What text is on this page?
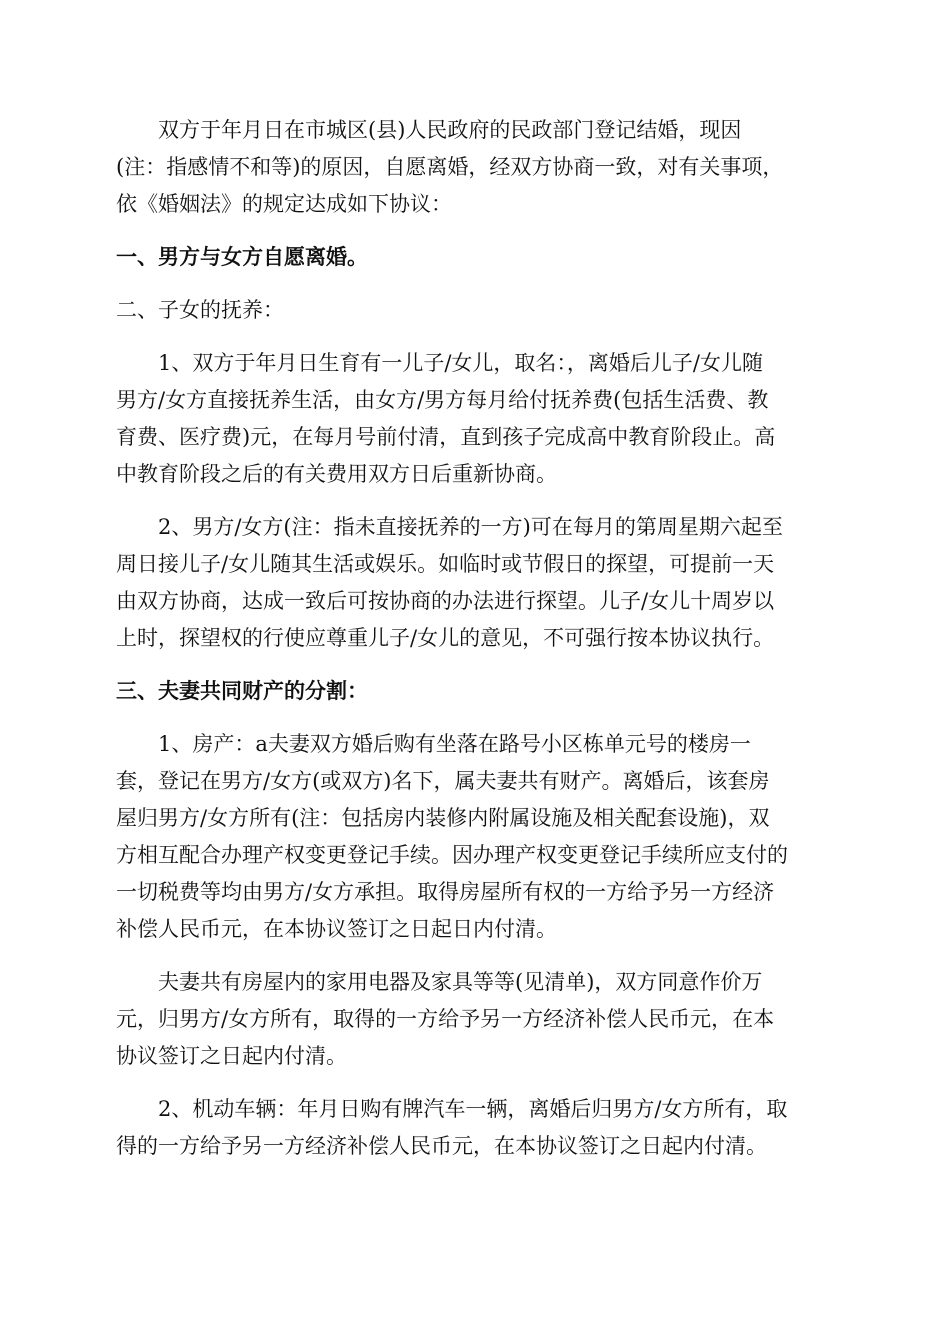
双方于年月日在市城区(县)人民政府的民政部门登记结婚，现因
(注：指感情不和等)的原因，自愿离婚，经双方协商一致，对有关事项，
依《婚姻法》的规定达成如下协议：

一、男方与女方自愿离婚。

二、子女的抚养：

1、双方于年月日生育有一儿子/女儿，取名：，离婚后儿子/女儿随
男方/女方直接抚养生活，由女方/男方每月给付抚养费(包括生活费、教
育费、医疗费)元，在每月号前付清，直到孩子完成高中教育阶段止。高
中教育阶段之后的有关费用双方日后重新协商。

2、男方/女方(注：指未直接抚养的一方)可在每月的第周星期六起至
周日接儿子/女儿随其生活或娱乐。如临时或节假日的探望，可提前一天
由双方协商，达成一致后可按协商的办法进行探望。儿子/女儿十周岁以
上时，探望权的行使应尊重儿子/女儿的意见，不可强行按本协议执行。

三、夫妻共同财产的分割：

1、房产：a夫妻双方婚后购有坐落在路号小区栋单元号的楼房一
套，登记在男方/女方(或双方)名下，属夫妻共有财产。离婚后，该套房
屋归男方/女方所有(注：包括房内装修内附属设施及相关配套设施)，双
方相互配合办理产权变更登记手续。因办理产权变更登记手续所应支付的
一切税费等均由男方/女方承担。取得房屋所有权的一方给予另一方经济
补偿人民币元，在本协议签订之日起日内付清。

夫妻共有房屋内的家用电器及家具等等(见清单)，双方同意作价万
元，归男方/女方所有，取得的一方给予另一方经济补偿人民币元，在本
协议签订之日起内付清。

2、机动车辆：年月日购有牌汽车一辆，离婚后归男方/女方所有，取
得的一方给予另一方经济补偿人民币元，在本协议签订之日起内付清。
